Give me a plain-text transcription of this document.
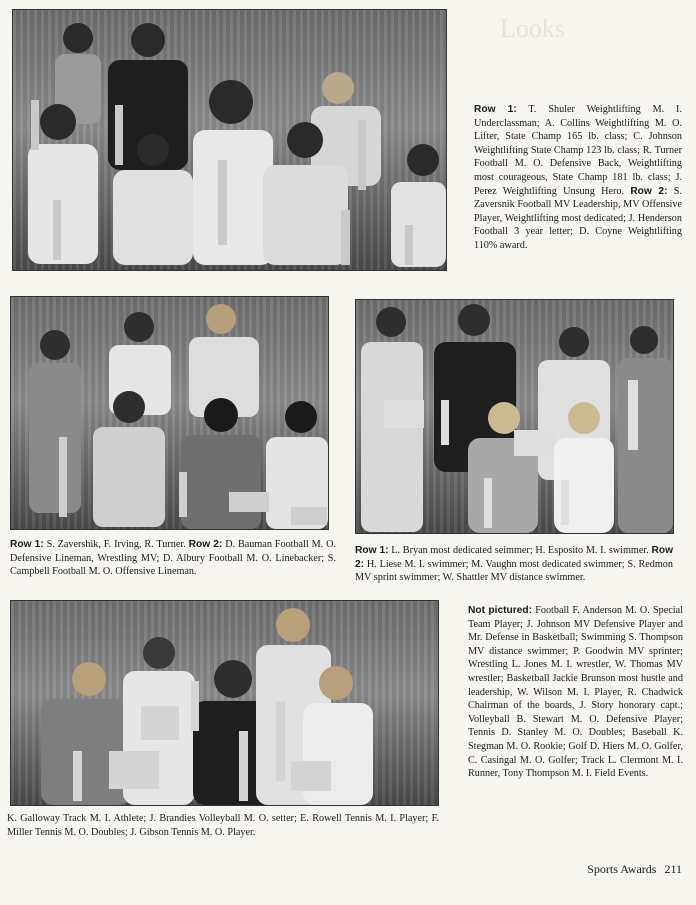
Looks

Row 1: T. Shuler Weightlifting M. I. Underclassman; A. Collins Weightlifting M. O. Lifter, State Champ 165 lb. class; C. Johnson Weightlifting State Champ 123 lb. class; R. Turner Football M. O. Defensive Back, Weightlifting most courageous, State Champ 181 lb. class; J. Perez Weightlifting Unsung Hero. Row 2: S. Zaversnik Football MV Leadership, MV Offensive Player, Weightlifting most dedicated; J. Henderson Football 3 year letter; D. Coyne Weightlifting 110% award.

Row 1: S. Zavershik, F. Irving, R. Turner. Row 2: D. Bauman Football M. O. Defensive Lineman, Wrestling MV; D. Albury Football M. O. Linebacker; S. Campbell Football M. O. Offensive Lineman.

Row 1: L. Bryan most dedicated seimmer; H. Esposito M. I. swimmer. Row 2: H. Liese M. I. swimmer; M. Vaughn most dedicated swimmer; S. Redmon MV sprint swimmer; W. Shattler MV distance swimmer.

K. Galloway Track M. I. Athlete; J. Brandies Volleyball M. O. setter; E. Rowell Tennis M. I. Player; F. Miller Tennis M. O. Doubles; J. Gibson Tennis M. O. Player.

Not pictured: Football F. Anderson M. O. Special Team Player; J. Johnson MV Defensive Player and Mr. Defense in Basketball; Swimming S. Thompson MV distance swimmer; P. Goodwin MV sprinter; Wrestling L. Jones M. I. wrestler, W. Thomas MV wrestler; Basketball Jackie Brunson most hustle and leadership, W. Wilson M. I. Player, R. Chadwick Chairman of the boards, J. Story honorary capt.; Volleyball B. Stewart M. O. Defensive Player; Tennis D. Stanley M. O. Doubles; Baseball K. Stegman M. O. Rookie; Golf D. Hiers M. O. Golfer, C. Casingal M. O. Golfer; Track L. Clermont M. I. Runner, Tony Thompson M. I. Field Events.

Sports Awards 211
